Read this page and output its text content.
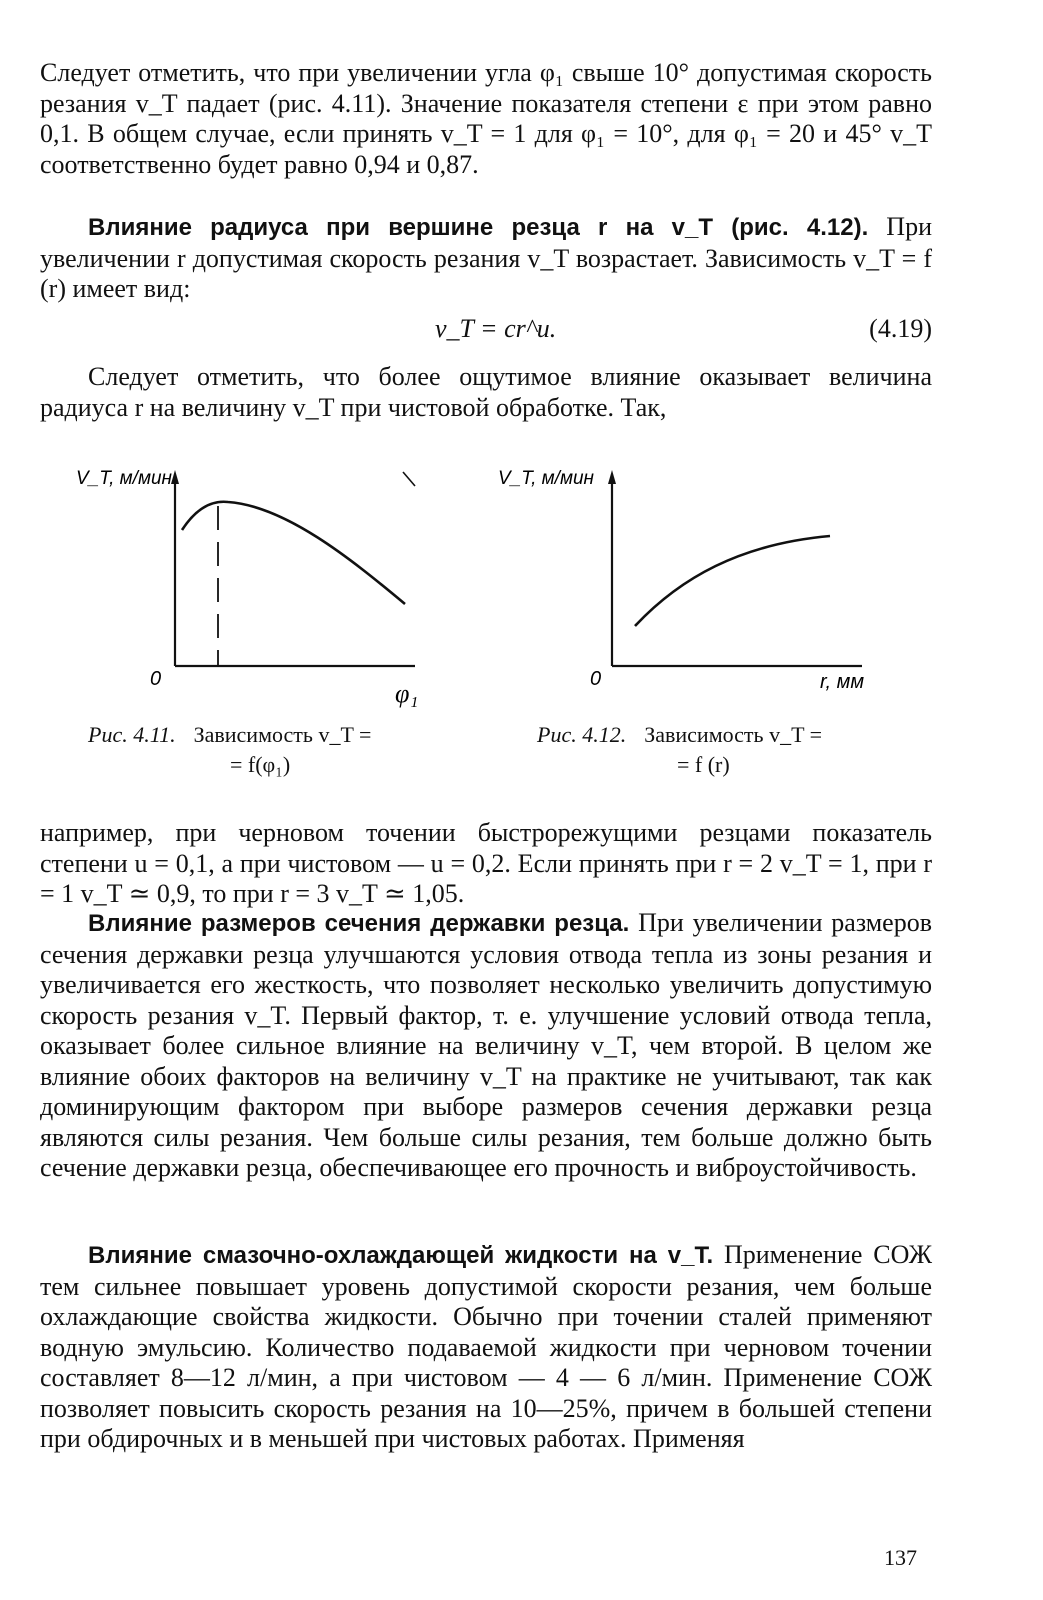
Следует отметить, что при увеличении угла φ₁ свыше 10° допустимая скорость резания v_T падает (рис. 4.11). Значение показателя степени ε при этом равно 0,1. В общем случае, если принять v_T = 1 для φ₁ = 10°, для φ₁ = 20 и 45° v_T соответственно будет равно 0,94 и 0,87.

Влияние радиуса при вершине резца r на v_T (рис. 4.12). При увеличении r допустимая скорость резания v_T возрастает. Зависимость v_T = f (r) имеет вид:

v_T = cr^u.	(4.19)

Следует отметить, что более ощутимое влияние оказывает величина радиуса r на величину v_T при чистовой обработке. Так,

V_T, м/мин
0	φ₁
Рис. 4.11. Зависимость v_T =
= f(φ₁)
V_T, м/мин
0	r, мм
Рис. 4.12. Зависимость v_T =
= f (r)

например, при черновом точении быстрорежущими резцами показатель степени u = 0,1, а при чистовом — u = 0,2. Если принять при r = 2 v_T = 1, при r = 1 v_T ≃ 0,9, то при r = 3 v_T ≃ 1,05.

Влияние размеров сечения державки резца. При увеличении размеров сечения державки резца улучшаются условия отвода тепла из зоны резания и увеличивается его жесткость, что позволяет несколько увеличить допустимую скорость резания v_T. Первый фактор, т. е. улучшение условий отвода тепла, оказывает более сильное влияние на величину v_T, чем второй. В целом же влияние обоих факторов на величину v_T на практике не учитывают, так как доминирующим фактором при выборе размеров сечения державки резца являются силы резания. Чем больше силы резания, тем больше должно быть сечение державки резца, обеспечивающее его прочность и виброустойчивость.

Влияние смазочно-охлаждающей жидкости на v_T. Применение СОЖ тем сильнее повышает уровень допустимой скорости резания, чем больше охлаждающие свойства жидкости. Обычно при точении сталей применяют водную эмульсию. Количество подаваемой жидкости при черновом точении составляет 8—12 л/мин, а при чистовом — 4 — 6 л/мин. Применение СОЖ позволяет повысить скорость резания на 10—25%, причем в большей степени при обдирочных и в меньшей при чистовых работах. Применяя

137
